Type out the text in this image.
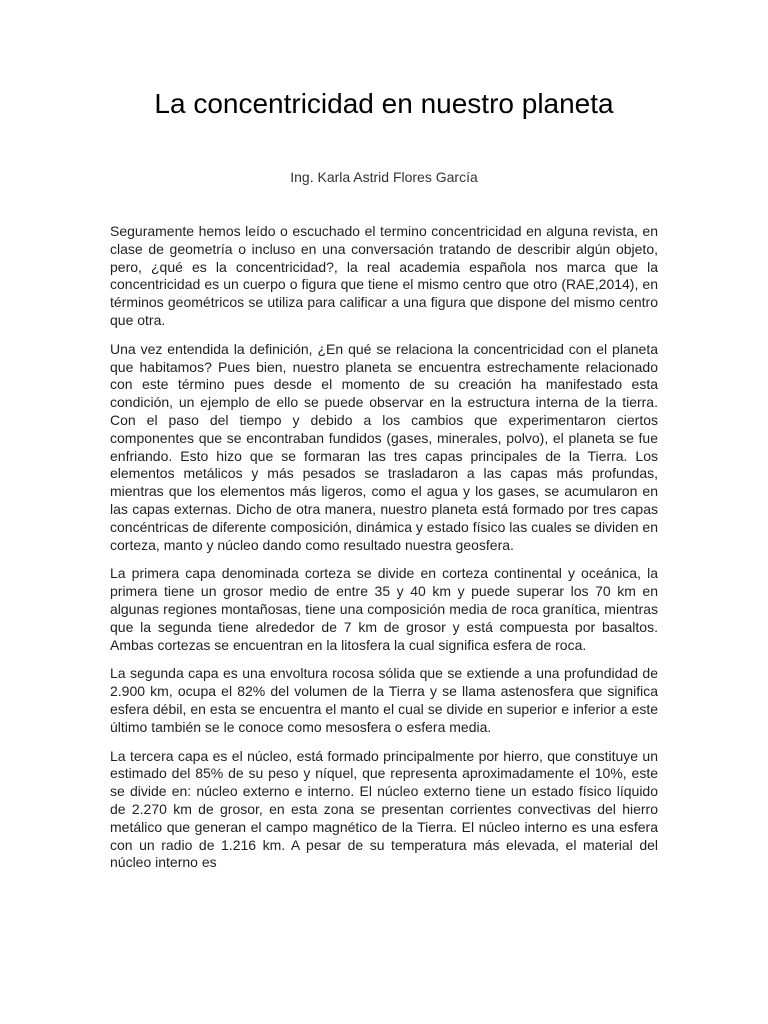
La concentricidad en nuestro planeta
Ing. Karla Astrid Flores García

Seguramente hemos leído o escuchado el termino concentricidad en alguna revista, en clase de geometría o incluso en una conversación tratando de describir algún objeto, pero, ¿qué es la concentricidad?, la real academia española nos marca que la concentricidad es un cuerpo o figura que tiene el mismo centro que otro (RAE,2014), en términos geométricos se utiliza para calificar a una figura que dispone del mismo centro que otra.

Una vez entendida la definición, ¿En qué se relaciona la concentricidad con el planeta que habitamos? Pues bien, nuestro planeta se encuentra estrechamente relacionado con este término pues desde el momento de su creación ha manifestado esta condición, un ejemplo de ello se puede observar en la estructura interna de la tierra. Con el paso del tiempo y debido a los cambios que experimentaron ciertos componentes que se encontraban fundidos (gases, minerales, polvo), el planeta se fue enfriando. Esto hizo que se formaran las tres capas principales de la Tierra. Los elementos metálicos y más pesados se trasladaron a las capas más profundas, mientras que los elementos más ligeros, como el agua y los gases, se acumularon en las capas externas. Dicho de otra manera, nuestro planeta está formado por tres capas concéntricas de diferente composición, dinámica y estado físico las cuales se dividen en corteza, manto y núcleo dando como resultado nuestra geosfera.

La primera capa denominada corteza se divide en corteza continental y oceánica, la primera tiene un grosor medio de entre 35 y 40 km y puede superar los 70 km en algunas regiones montañosas, tiene una composición media de roca granítica, mientras que la segunda tiene alrededor de 7 km de grosor y está compuesta por basaltos. Ambas cortezas se encuentran en la litosfera la cual significa esfera de roca.

La segunda capa es una envoltura rocosa sólida que se extiende a una profundidad de 2.900 km, ocupa el 82% del volumen de la Tierra y se llama astenosfera que significa esfera débil, en esta se encuentra el manto el cual se divide en superior e inferior a este último también se le conoce como mesosfera o esfera media.

La tercera capa es el núcleo, está formado principalmente por hierro, que constituye un estimado del 85% de su peso y níquel, que representa aproximadamente el 10%, este se divide en: núcleo externo e interno. El núcleo externo tiene un estado físico líquido de 2.270 km de grosor, en esta zona se presentan corrientes convectivas del hierro metálico que generan el campo magnético de la Tierra. El núcleo interno es una esfera con un radio de 1.216 km. A pesar de su temperatura más elevada, el material del núcleo interno es
